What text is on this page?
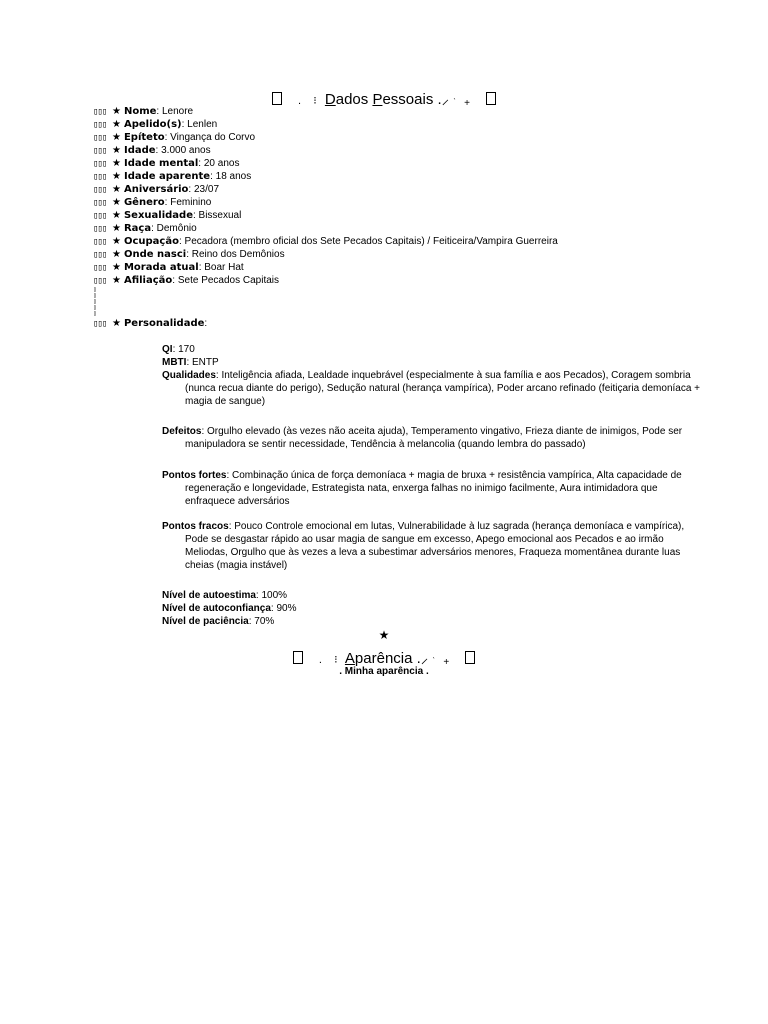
. ⁝ Dados Pessoais .⸝ $^ˎ$ +
▯▯▯ ★ Nome: Lenore
▯▯▯ ★ Apelido(s): Lenlen
▯▯▯ ★ Epíteto: Vingança do Corvo
▯▯▯ ★ Idade: 3.000 anos
▯▯▯ ★ Idade mental: 20 anos
▯▯▯ ★ Idade aparente: 18 anos
▯▯▯ ★ Aniversário: 23/07
▯▯▯ ★ Gênero: Feminino
▯▯▯ ★ Sexualidade: Bissexual
▯▯▯ ★ Raça: Demônio
▯▯▯ ★ Ocupação: Pecadora (membro oficial dos Sete Pecados Capitais) / Feiticeira/Vampira Guerreira
▯▯▯ ★ Onde nasci: Reino dos Demônios
▯▯▯ ★ Morada atual: Boar Hat
▯▯▯ ★ Afiliação: Sete Pecados Capitais
▯
▯
▯
▯
▯
▯▯▯ ★ Personalidade:
QI: 170
MBTI: ENTP
Qualidades: Inteligência afiada, Lealdade inquebrável (especialmente à sua família e aos Pecados), Coragem sombria (nunca recua diante do perigo), Sedução natural (herança vampírica), Poder arcano refinado (feitiçaria demoníaca + magia de sangue)
Defeitos: Orgulho elevado (às vezes não aceita ajuda), Temperamento vingativo, Frieza diante de inimigos, Pode ser manipuladora se sentir necessidade, Tendência à melancolia (quando lembra do passado)
Pontos fortes: Combinação única de força demoníaca + magia de bruxa + resistência vampírica, Alta capacidade de regeneração e longevidade, Estrategista nata, enxerga falhas no inimigo facilmente, Aura intimidadora que enfraquece adversários
Pontos fracos: Pouco Controle emocional em lutas, Vulnerabilidade à luz sagrada (herança demoníaca e vampírica), Pode se desgastar rápido ao usar magia de sangue em excesso, Apego emocional aos Pecados e ao irmão Meliodas, Orgulho que às vezes a leva a subestimar adversários menores, Fraqueza momentânea durante luas cheias (magia instável)
Nível de autoestima: 100%
Nível de autoconfiança: 90%
Nível de paciência: 70%
★
. ⁝ Aparência .⸝ $^ˎ$ +
. Minha aparência .
